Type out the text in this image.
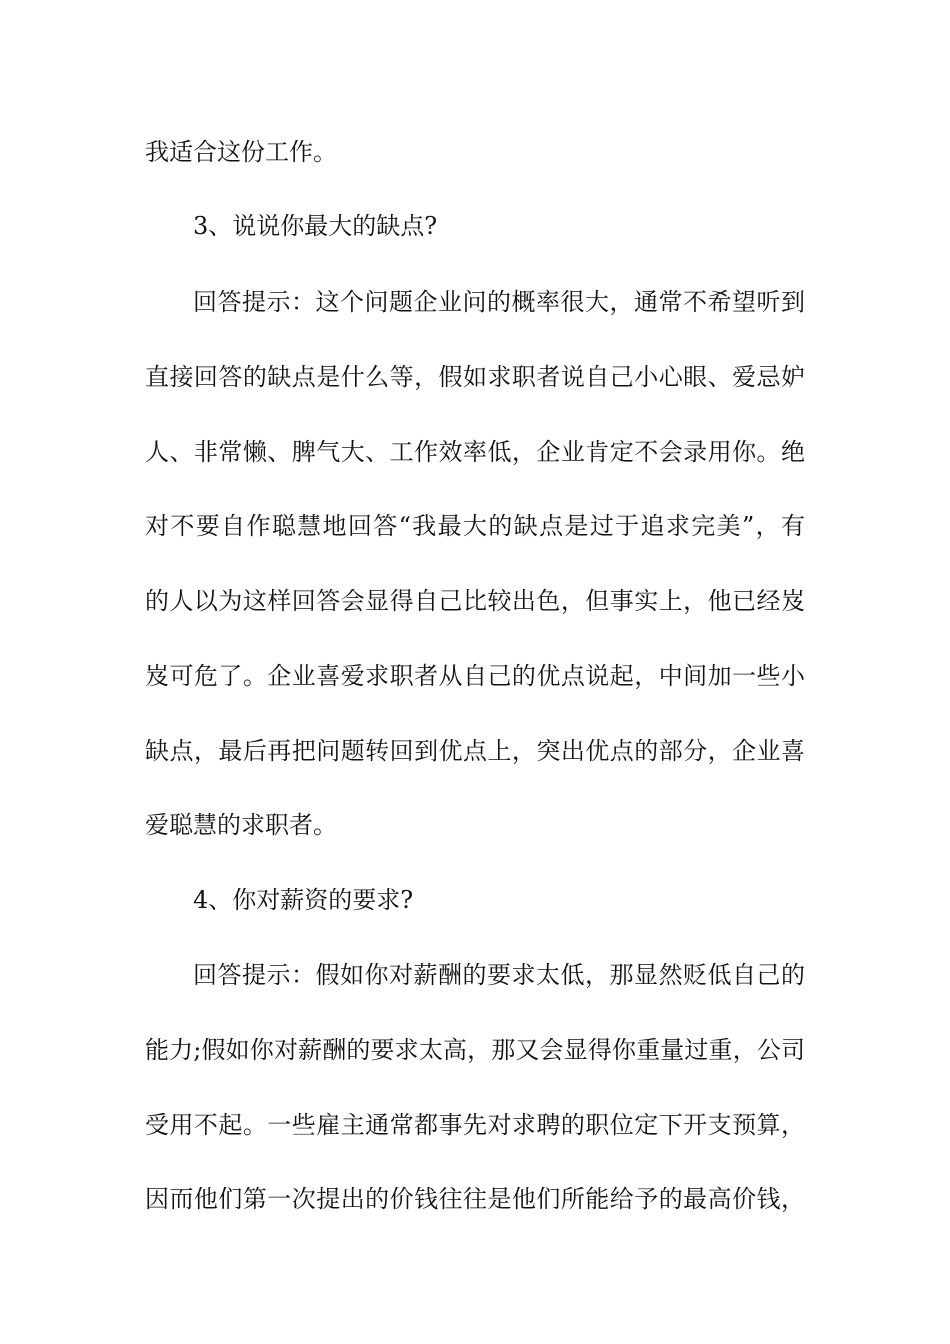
我适合这份工作。
3、说说你最大的缺点?
回答提示：这个问题企业问的概率很大，通常不希望听到
直接回答的缺点是什么等，假如求职者说自己小心眼、爱忌妒
人、非常懒、脾气大、工作效率低，企业肯定不会录用你。绝
对不要自作聪慧地回答“我最大的缺点是过于追求完美”，有
的人以为这样回答会显得自己比较出色，但事实上，他已经岌
岌可危了。企业喜爱求职者从自己的优点说起，中间加一些小
缺点，最后再把问题转回到优点上，突出优点的部分，企业喜
爱聪慧的求职者。
4、你对薪资的要求?
回答提示：假如你对薪酬的要求太低，那显然贬低自己的
能力;假如你对薪酬的要求太高，那又会显得你重量过重，公司
受用不起。一些雇主通常都事先对求聘的职位定下开支预算，
因而他们第一次提出的价钱往往是他们所能给予的最高价钱，
